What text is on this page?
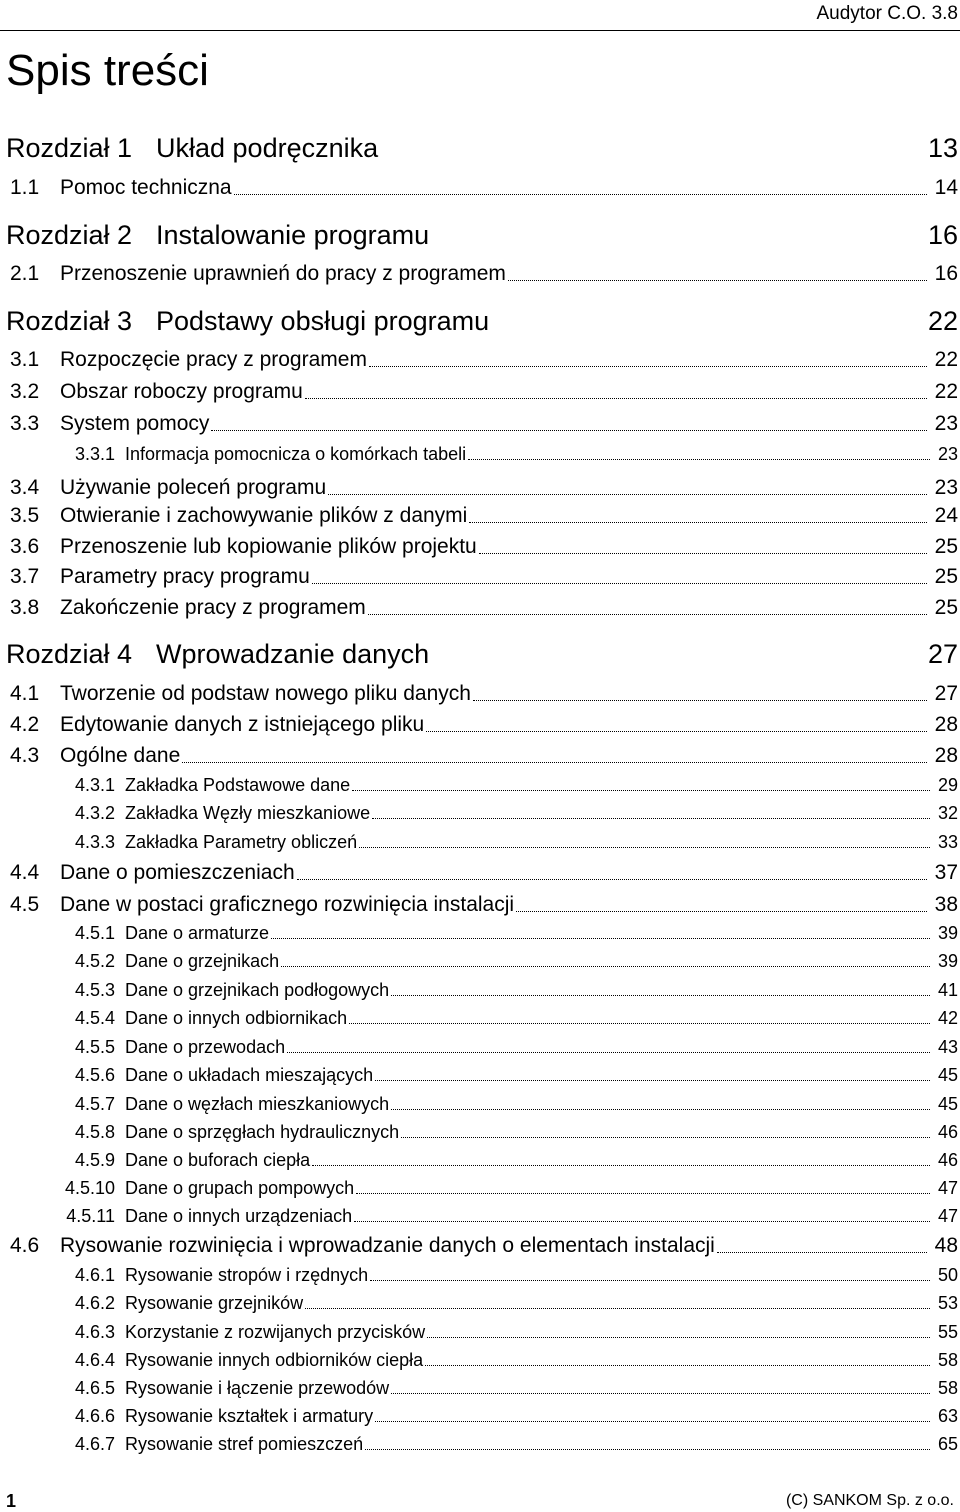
Audytor C.O. 3.8
Spis treści
Rozdział 1 Układ podręcznika	13
1.1 Pomoc techniczna	14
Rozdział 2 Instalowanie programu	16
2.1 Przenoszenie uprawnień do pracy z programem	16
Rozdział 3 Podstawy obsługi programu	22
3.1 Rozpoczęcie pracy z programem	22
3.2 Obszar roboczy programu	22
3.3 System pomocy	23
3.3.1 Informacja pomocnicza o komórkach tabeli	23
3.4 Używanie poleceń programu	23
3.5 Otwieranie i zachowywanie plików z danymi	24
3.6 Przenoszenie lub kopiowanie plików projektu	25
3.7 Parametry pracy programu	25
3.8 Zakończenie pracy z programem	25
Rozdział 4 Wprowadzanie danych	27
4.1 Tworzenie od podstaw nowego pliku danych	27
4.2 Edytowanie danych z istniejącego pliku	28
4.3 Ogólne dane	28
4.3.1 Zakładka Podstawowe dane	29
4.3.2 Zakładka Węzły mieszkaniowe	32
4.3.3 Zakładka Parametry obliczeń	33
4.4 Dane o pomieszczeniach	37
4.5 Dane w postaci graficznego rozwinięcia instalacji	38
4.5.1 Dane o armaturze	39
4.5.2 Dane o grzejnikach	39
4.5.3 Dane o grzejnikach podłogowych	41
4.5.4 Dane o innych odbiornikach	42
4.5.5 Dane o przewodach	43
4.5.6 Dane o układach mieszających	45
4.5.7 Dane o węzłach mieszkaniowych	45
4.5.8 Dane o sprzęgłach hydraulicznych	46
4.5.9 Dane o buforach ciepła	46
4.5.10 Dane o grupach pompowych	47
4.5.11 Dane o innych urządzeniach	47
4.6 Rysowanie rozwinięcia i wprowadzanie danych o elementach instalacji	48
4.6.1 Rysowanie stropów i rzędnych	50
4.6.2 Rysowanie grzejników	53
4.6.3 Korzystanie z rozwijanych przycisków	55
4.6.4 Rysowanie innych odbiorników ciepła	58
4.6.5 Rysowanie i łączenie przewodów	58
4.6.6 Rysowanie kształtek i armatury	63
4.6.7 Rysowanie stref pomieszczeń	65
1	(C) SANKOM Sp. z o.o.
